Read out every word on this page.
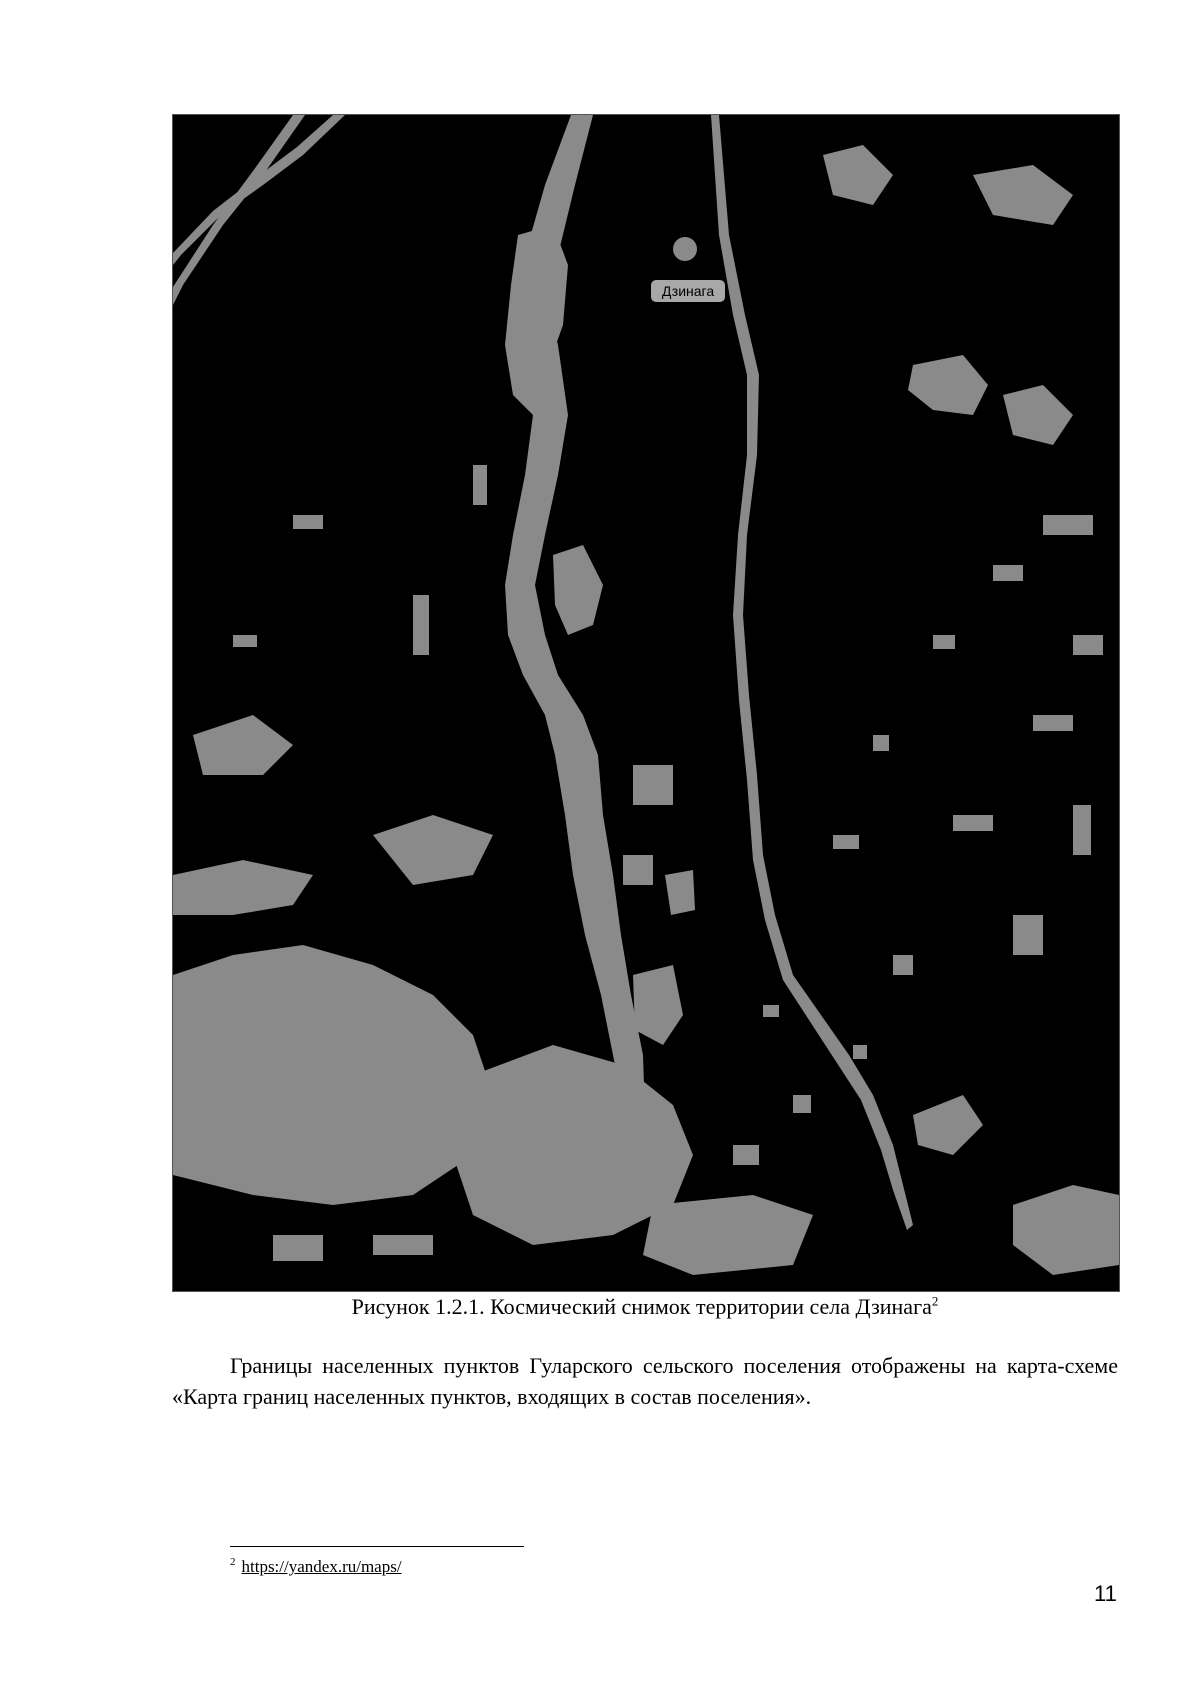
Дзинага
Рисунок 1.2.1. Космический снимок территории села Дзинага$^2$

Границы населенных пунктов Гуларского сельского поселения отображены на карта-схеме «Карта границ населенных пунктов, входящих в состав поселения».

$^2$ https://yandex.ru/maps/
11
